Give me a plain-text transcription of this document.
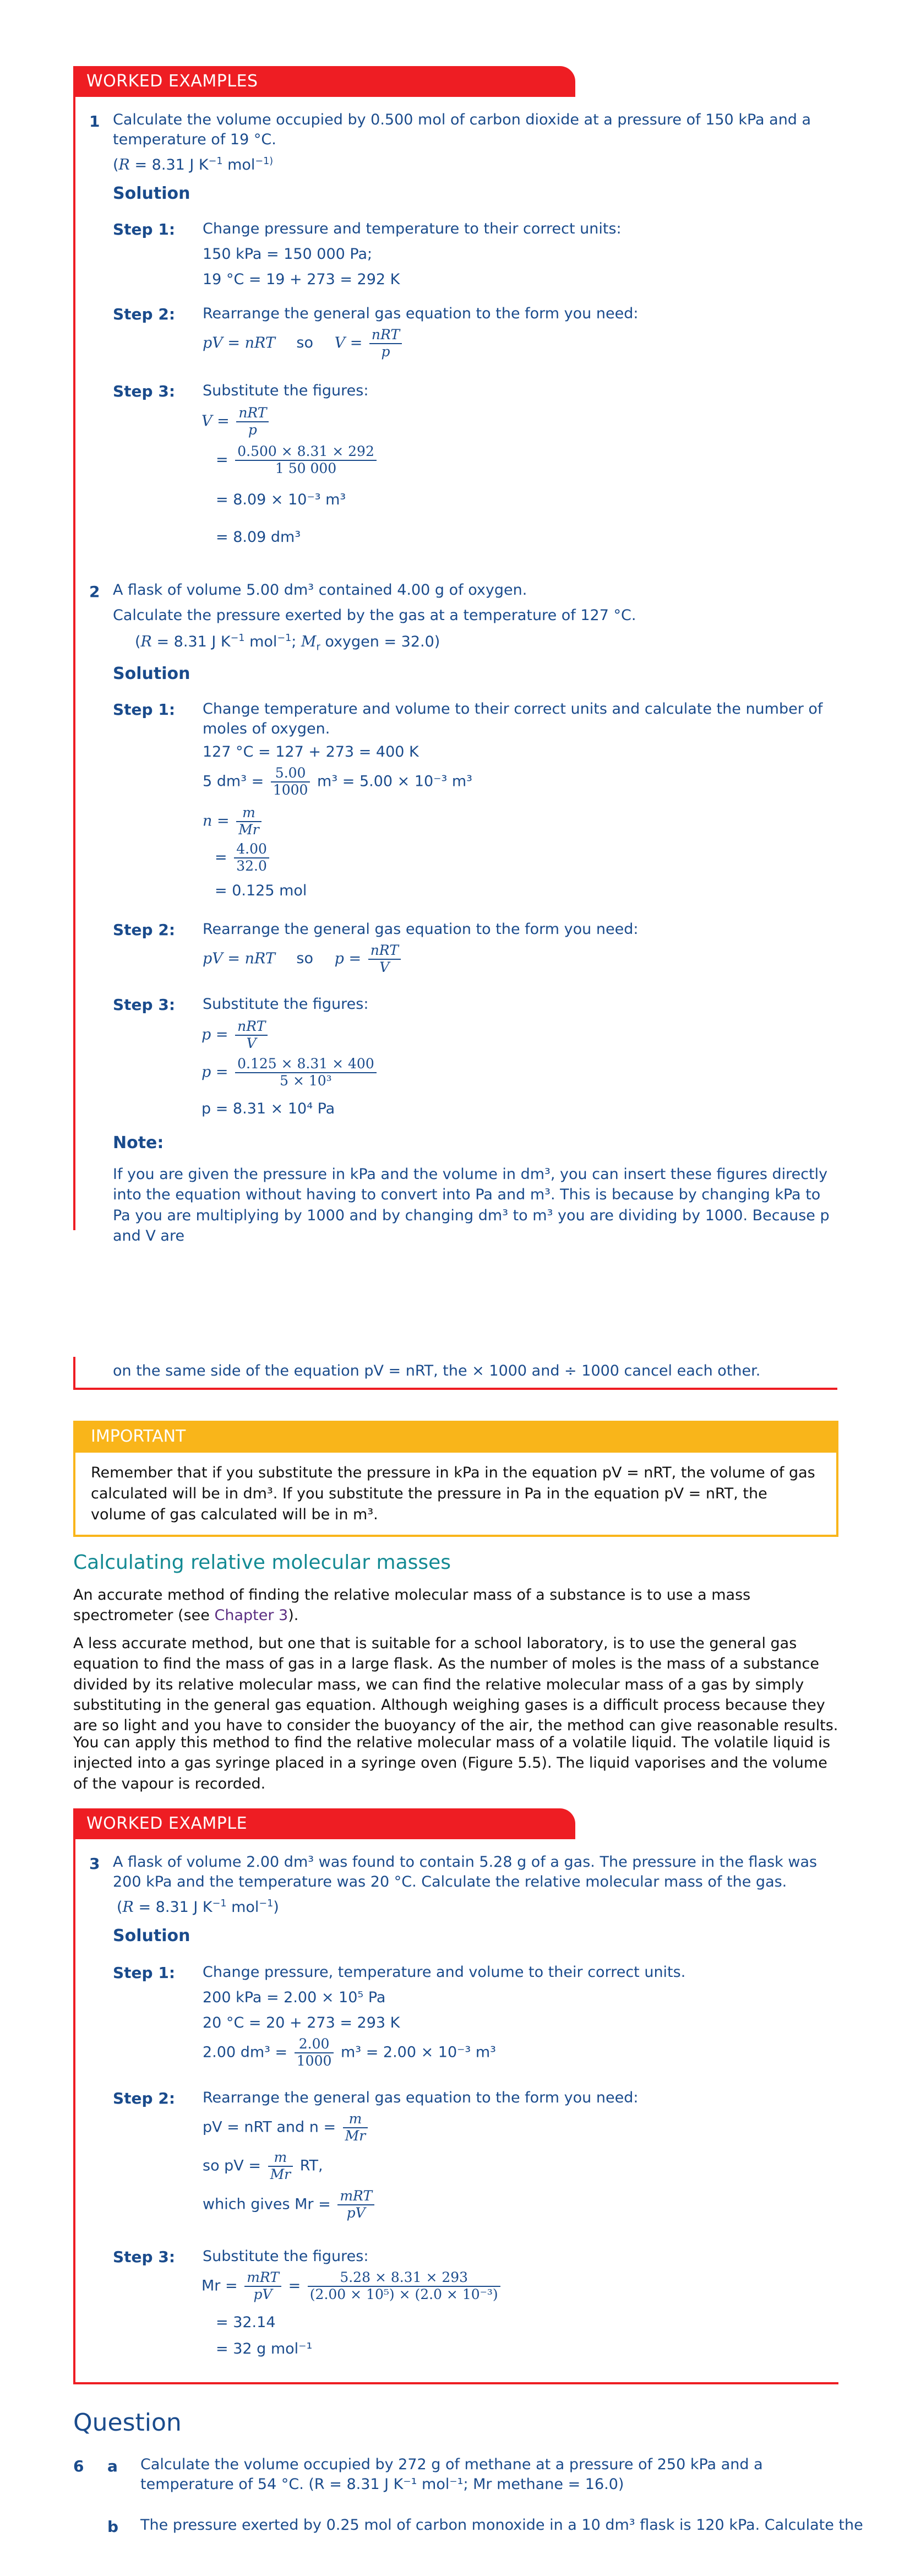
WORKED EXAMPLES
1 Calculate the volume occupied by 0.500 mol of carbon dioxide at a pressure of 150 kPa and a temperature of 19 °C.
(R = 8.31 J $K^{-1}$ mol$^{-1)}$
Solution
Step 1: Change pressure and temperature to their correct units:
150 kPa = 150 000 Pa;
19 °C = 19 + 273 = 292 K
Step 2: Rearrange the general gas equation to the form you need:
pV = nRT so $V = \frac{\text{nRT}}{p}$
Step 3: Substitute the figures:
$V = \frac{\text{nRT}}{p}$
= $\frac{0.500 \times 8.31 \times 292}{1 50 000}$
= 8.09 × 10⁻³ m³
= 8.09 dm³
2 A flask of volume 5.00 dm³ contained 4.00 g of oxygen.
Calculate the pressure exerted by the gas at a temperature of 127 °C.
(R = 8.31 J $K^{-1}$ mol$^{-1}$; $M_r$ oxygen = 32.0)
Solution
Step 1: Change temperature and volume to their correct units and calculate the number of moles of oxygen.
127 °C = 127 + 273 = 400 K
5 $dm^3 = \frac{5.00}{1000} m^3 = 5.00 \times 10^{-3}$ m³
$n = \frac{m}{Mr}$
= $\frac{4.00}{32.0}$
= 0.125 mol
Step 2: Rearrange the general gas equation to the form you need:
pV = nRT so $p = \frac{\text{nRT}}{V}$
Step 3: Substitute the figures:
$p = \frac{\text{nRT}}{V}$
$p = \frac{0.125 \times 8.31 \times 400}{\text{5 × 10³}}$
p = 8.31 × 10⁴ Pa
Note:
If you are given the pressure in kPa and the volume in dm³, you can insert these figures directly into the equation without having to convert into Pa and m³. This is because by changing kPa to Pa you are multiplying by 1000 and by changing dm³ to m³ you are dividing by 1000. Because p and V are
on the same side of the equation pV = nRT, the × 1000 and ÷ 1000 cancel each other.
IMPORTANT
Remember that if you substitute the pressure in kPa in the equation pV = nRT, the volume of gas calculated will be in dm³. If you substitute the pressure in Pa in the equation pV = nRT, the volume of gas calculated will be in m³.
Calculating relative molecular masses
An accurate method of finding the relative molecular mass of a substance is to use a mass spectrometer (see Chapter 3).
A less accurate method, but one that is suitable for a school laboratory, is to use the general gas equation to find the mass of gas in a large flask. As the number of moles is the mass of a substance divided by its relative molecular mass, we can find the relative molecular mass of a gas by simply substituting in the general gas equation. Although weighing gases is a difficult process because they are so light and you have to consider the buoyancy of the air, the method can give reasonable results.
You can apply this method to find the relative molecular mass of a volatile liquid. The volatile liquid is injected into a gas syringe placed in a syringe oven (Figure 5.5). The liquid vaporises and the volume of the vapour is recorded.
WORKED EXAMPLE
3 A flask of volume 2.00 dm³ was found to contain 5.28 g of a gas. The pressure in the flask was 200 kPa and the temperature was 20 °C. Calculate the relative molecular mass of the gas.
(R = 8.31 J $K^{-1}$ mol$^{-1}$)
Solution
Step 1: Change pressure, temperature and volume to their correct units.
200 kPa = 2.00 × 10⁵ Pa
20 °C = 20 + 273 = 293 K
2.00 $dm^3 = \frac{2.00}{1000} m^3 = 2.00 \times 10^{-3}$ m³
Step 2: Rearrange the general gas equation to the form you need:
pV = nRT and $n = \frac{m}{Mr}$
so pV = $\frac{m}{Mr}$ RT,
which gives $Mr = \frac{\text{mRT}}{pV}$
Step 3: Substitute the figures:
$Mr = \frac{\text{mRT}}{pV} = \frac{5.28 \times 8.31 \times 293}{\text{(2.00 × 10⁵) × (2.0 × 10⁻³)}}$
= 32.14
= 32 g mol⁻¹
Question
6 a Calculate the volume occupied by 272 g of methane at a pressure of 250 kPa and a temperature of 54 °C. (R = 8.31 J K⁻¹ mol⁻¹; Mr methane = 16.0)
b The pressure exerted by 0.25 mol of carbon monoxide in a 10 dm³ flask is 120 kPa. Calculate the
